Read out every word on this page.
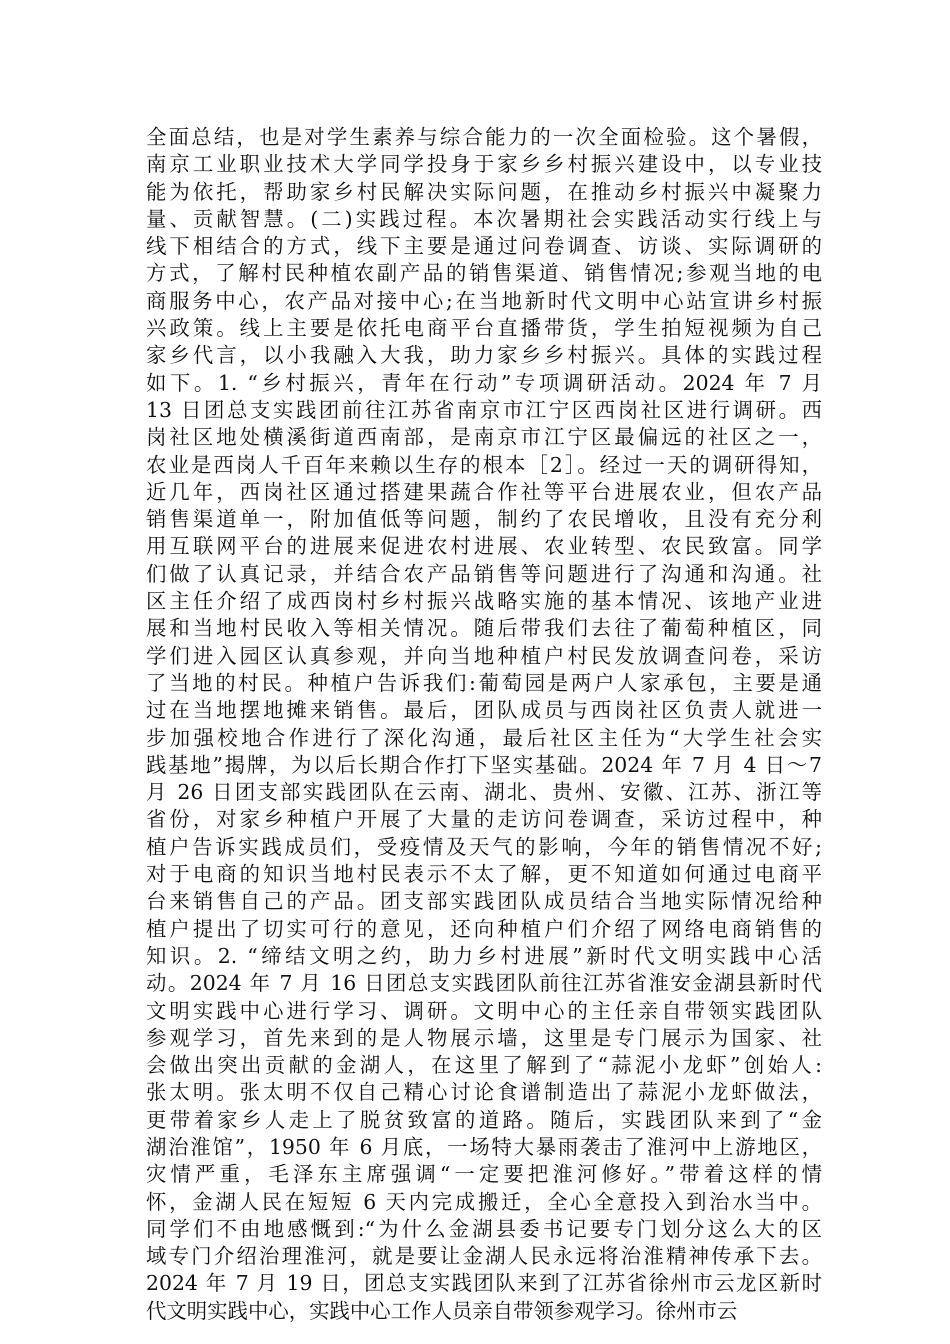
全面总结，也是对学生素养与综合能力的一次全面检验。这个暑假，
南京工业职业技术大学同学投身于家乡乡村振兴建设中，以专业技
能为依托，帮助家乡村民解决实际问题，在推动乡村振兴中凝聚力
量、贡献智慧。(二)实践过程。本次暑期社会实践活动实行线上与
线下相结合的方式，线下主要是通过问卷调查、访谈、实际调研的
方式，了解村民种植农副产品的销售渠道、销售情况;参观当地的电
商服务中心，农产品对接中心;在当地新时代文明中心站宣讲乡村振
兴政策。线上主要是依托电商平台直播带货，学生拍短视频为自己
家乡代言，以小我融入大我，助力家乡乡村振兴。具体的实践过程
如下。1. “乡村振兴，青年在行动”专项调研活动。2024 年 7 月
13 日团总支实践团前往江苏省南京市江宁区西岗社区进行调研。西
岗社区地处横溪街道西南部，是南京市江宁区最偏远的社区之一，
农业是西岗人千百年来赖以生存的根本［2］。经过一天的调研得知，
近几年，西岗社区通过搭建果蔬合作社等平台进展农业，但农产品
销售渠道单一，附加值低等问题，制约了农民增收，且没有充分利
用互联网平台的进展来促进农村进展、农业转型、农民致富。同学
们做了认真记录，并结合农产品销售等问题进行了沟通和沟通。社
区主任介绍了成西岗村乡村振兴战略实施的基本情况、该地产业进
展和当地村民收入等相关情况。随后带我们去往了葡萄种植区，同
学们进入园区认真参观，并向当地种植户村民发放调查问卷，采访
了当地的村民。种植户告诉我们:葡萄园是两户人家承包，主要是通
过在当地摆地摊来销售。最后，团队成员与西岗社区负责人就进一
步加强校地合作进行了深化沟通，最后社区主任为“大学生社会实
践基地”揭牌，为以后长期合作打下坚实基础。2024 年 7 月 4 日～7
月 26 日团支部实践团队在云南、湖北、贵州、安徽、江苏、浙江等
省份，对家乡种植户开展了大量的走访问卷调查，采访过程中，种
植户告诉实践成员们，受疫情及天气的影响，今年的销售情况不好;
对于电商的知识当地村民表示不太了解，更不知道如何通过电商平
台来销售自己的产品。团支部实践团队成员结合当地实际情况给种
植户提出了切实可行的意见，还向种植户们介绍了网络电商销售的
知识。2. “缔结文明之约，助力乡村进展”新时代文明实践中心活
动。2024 年 7 月 16 日团总支实践团队前往江苏省淮安金湖县新时代
文明实践中心进行学习、调研。文明中心的主任亲自带领实践团队
参观学习，首先来到的是人物展示墙，这里是专门展示为国家、社
会做出突出贡献的金湖人，在这里了解到了“蒜泥小龙虾”创始人:
张太明。张太明不仅自己精心讨论食谱制造出了蒜泥小龙虾做法，
更带着家乡人走上了脱贫致富的道路。随后，实践团队来到了“金
湖治淮馆”，1950 年 6 月底，一场特大暴雨袭击了淮河中上游地区，
灾情严重，毛泽东主席强调“一定要把淮河修好。”带着这样的情
怀，金湖人民在短短 6 天内完成搬迁，全心全意投入到治水当中。
同学们不由地感慨到:“为什么金湖县委书记要专门划分这么大的区
域专门介绍治理淮河，就是要让金湖人民永远将治淮精神传承下去。
2024 年 7 月 19 日，团总支实践团队来到了江苏省徐州市云龙区新时
代文明实践中心，实践中心工作人员亲自带领参观学习。徐州市云
